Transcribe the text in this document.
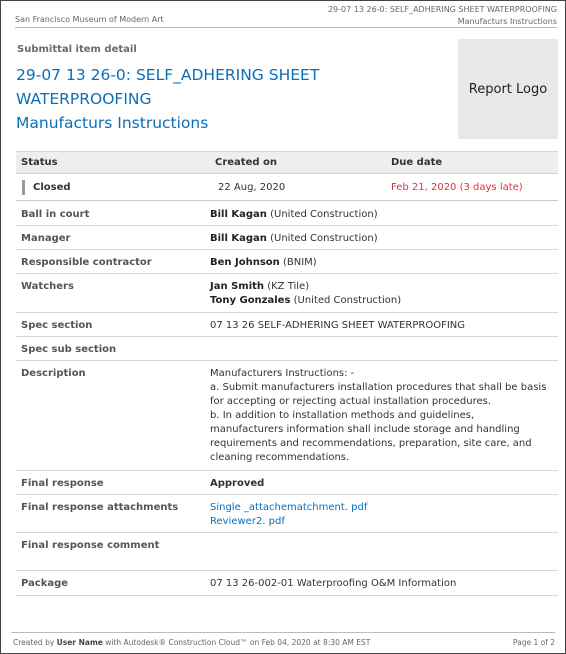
San Francisco Museum of Modern Art
29-07 13 26-0: SELF_ADHERING SHEET WATERPROOFING
Manufacturs Instructions
Submittal item detail
29-07 13 26-0: SELF_ADHERING SHEET WATERPROOFING
Manufacturs Instructions
Report Logo
Status	Created on	Due date
Closed	22 Aug, 2020	Feb 21, 2020 (3 days late)
Ball in court	Bill Kagan (United Construction)
Manager	Bill Kagan (United Construction)
Responsible contractor	Ben Johnson (BNIM)
Watchers	Jan Smith (KZ Tile)
Tony Gonzales (United Construction)
Spec section	07 13 26 SELF-ADHERING SHEET WATERPROOFING
Spec sub section
Description	Manufacturers Instructions: -
a. Submit manufacturers installation procedures that shall be basis for accepting or rejecting actual installation procedures.
b. In addition to installation methods and guidelines, manufacturers information shall include storage and handling requirements and recommendations, preparation, site care, and cleaning recommendations.
Final response	Approved
Final response attachments	Single _attachematchment. pdf
Reviewer2. pdf
Final response comment
Package	07 13 26-002-01 Waterproofing O&M Information
Created by User Name with Autodesk® Construction Cloud™ on Feb 04, 2020 at 8:30 AM EST	Page 1 of 2
